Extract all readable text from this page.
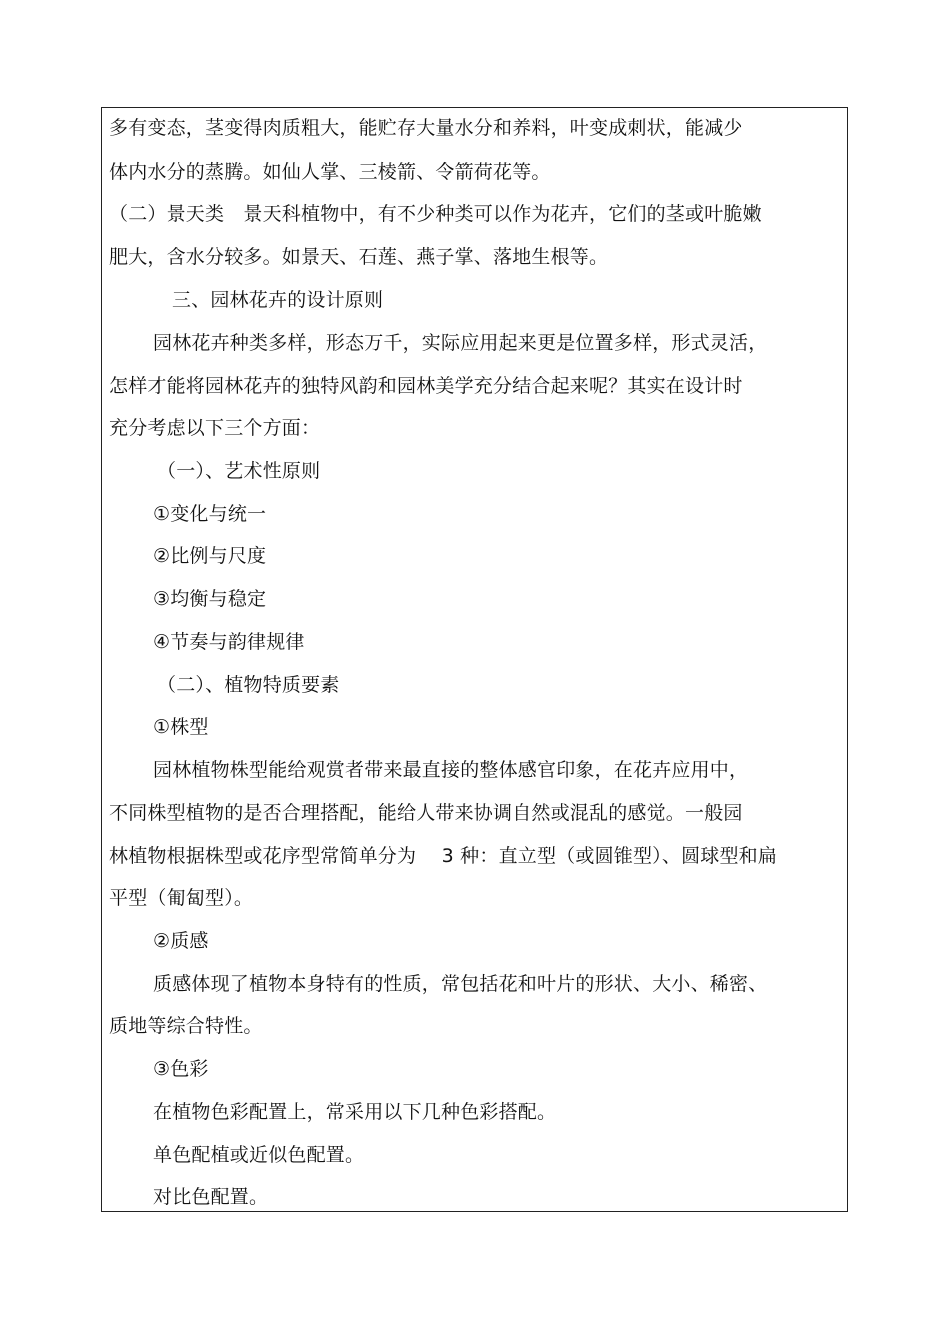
多有变态，茎变得肉质粗大，能贮存大量水分和养料，叶变成刺状，能减少
体内水分的蒸腾。如仙人掌、三棱箭、令箭荷花等。
（二）景天类　景天科植物中，有不少种类可以作为花卉，它们的茎或叶脆嫩
肥大，含水分较多。如景天、石莲、燕子掌、落地生根等。
三、园林花卉的设计原则
园林花卉种类多样，形态万千，实际应用起来更是位置多样，形式灵活，
怎样才能将园林花卉的独特风韵和园林美学充分结合起来呢？其实在设计时
充分考虑以下三个方面：
（一）、艺术性原则
①变化与统一
②比例与尺度
③均衡与稳定
④节奏与韵律规律
（二）、植物特质要素
①株型
园林植物株型能给观赏者带来最直接的整体感官印象，在花卉应用中，
不同株型植物的是否合理搭配，能给人带来协调自然或混乱的感觉。一般园
林植物根据株型或花序型常简单分为　 3 种：直立型（或圆锥型）、圆球型和扁
平型（匍匐型）。
②质感
质感体现了植物本身特有的性质，常包括花和叶片的形状、大小、稀密、
质地等综合特性。
③色彩
在植物色彩配置上，常采用以下几种色彩搭配。
单色配植或近似色配置。
对比色配置。
